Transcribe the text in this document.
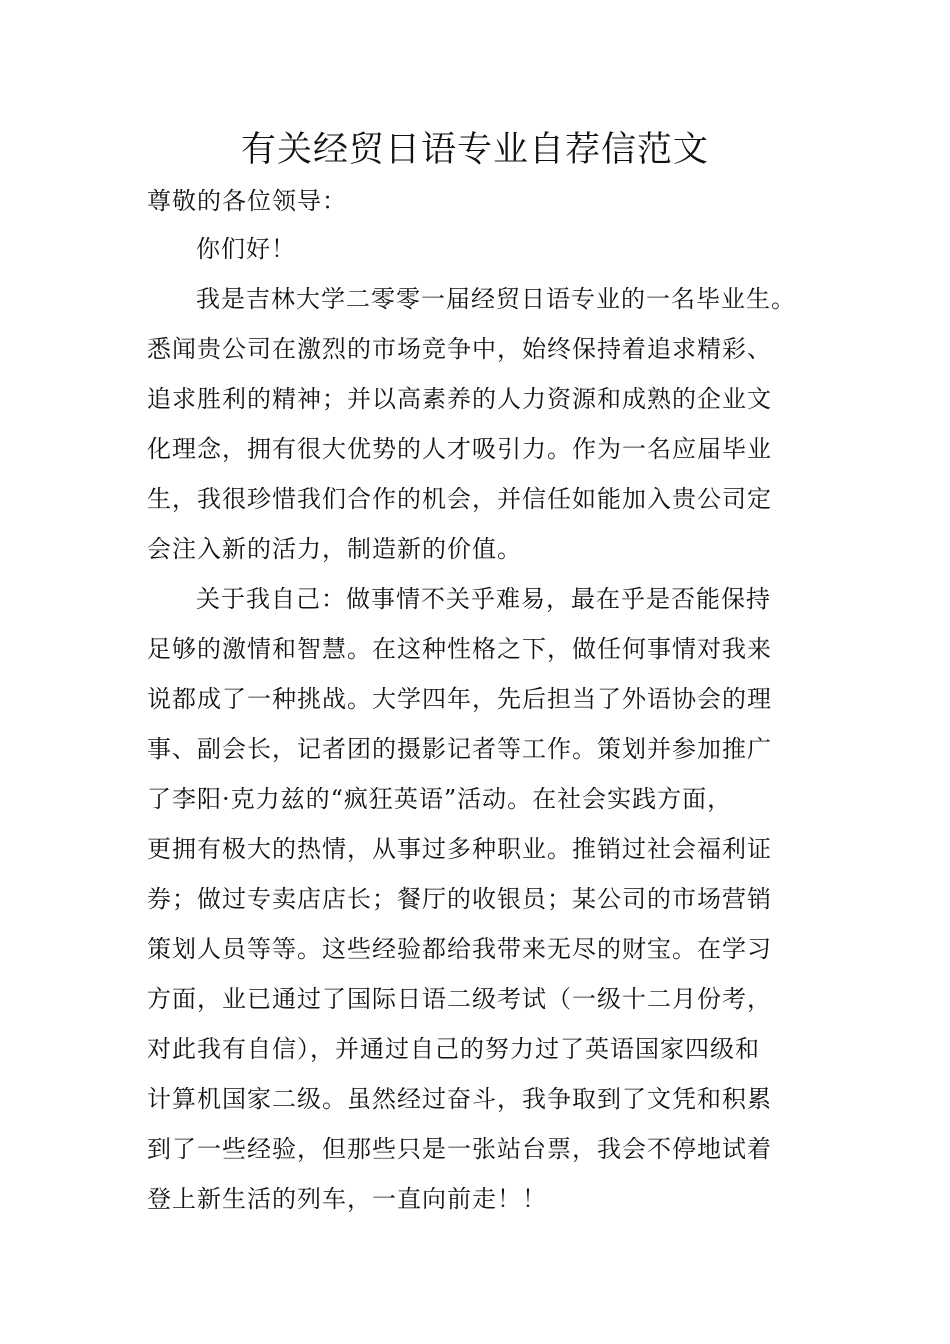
有关经贸日语专业自荐信范文
尊敬的各位领导：
你们好！
我是吉林大学二零零一届经贸日语专业的一名毕业生。
悉闻贵公司在激烈的市场竞争中，始终保持着追求精彩、
追求胜利的精神；并以高素养的人力资源和成熟的企业文
化理念，拥有很大优势的人才吸引力。作为一名应届毕业
生，我很珍惜我们合作的机会，并信任如能加入贵公司定
会注入新的活力，制造新的价值。
关于我自己：做事情不关乎难易，最在乎是否能保持
足够的激情和智慧。在这种性格之下，做任何事情对我来
说都成了一种挑战。大学四年，先后担当了外语协会的理
事、副会长，记者团的摄影记者等工作。策划并参加推广
了李阳·克力兹的“疯狂英语”活动。在社会实践方面，
更拥有极大的热情，从事过多种职业。推销过社会福利证
券；做过专卖店店长；餐厅的收银员；某公司的市场营销
策划人员等等。这些经验都给我带来无尽的财宝。在学习
方面，业已通过了国际日语二级考试（一级十二月份考，
对此我有自信），并通过自己的努力过了英语国家四级和
计算机国家二级。虽然经过奋斗，我争取到了文凭和积累
到了一些经验，但那些只是一张站台票，我会不停地试着
登上新生活的列车，一直向前走！！
